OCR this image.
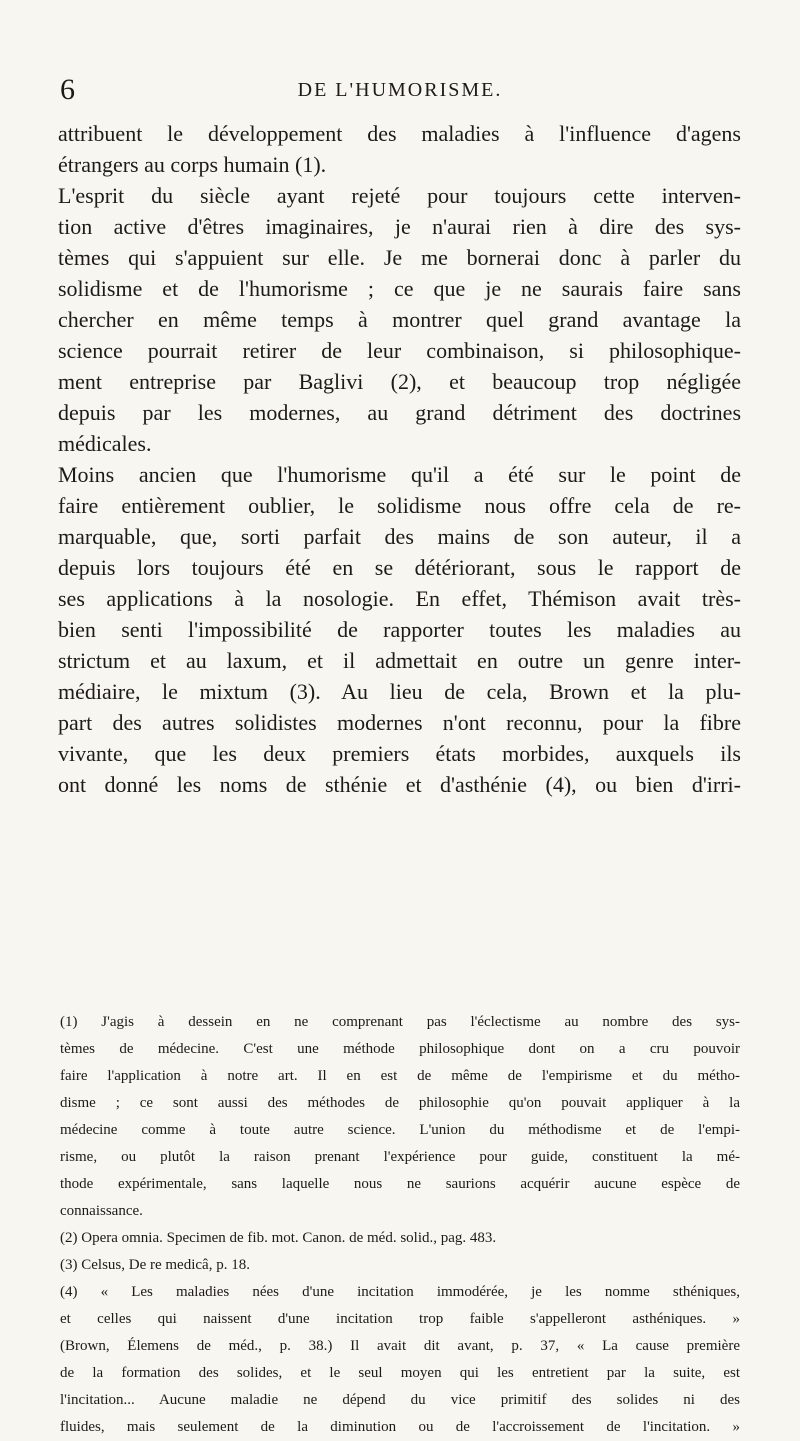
6	DE L'HUMORISME.
attribuent le développement des maladies à l'influence d'agens
étrangers au corps humain (1).
L'esprit du siècle ayant rejeté pour toujours cette interven-
tion active d'êtres imaginaires, je n'aurai rien à dire des sys-
tèmes qui s'appuient sur elle. Je me bornerai donc à parler du
solidisme et de l'humorisme ; ce que je ne saurais faire sans
chercher en même temps à montrer quel grand avantage la
science pourrait retirer de leur combinaison, si philosophique-
ment entreprise par Baglivi (2), et beaucoup trop négligée
depuis par les modernes, au grand détriment des doctrines
médicales.
Moins ancien que l'humorisme qu'il a été sur le point de
faire entièrement oublier, le solidisme nous offre cela de re-
marquable, que, sorti parfait des mains de son auteur, il a
depuis lors toujours été en se détériorant, sous le rapport de
ses applications à la nosologie. En effet, Thémison avait très-
bien senti l'impossibilité de rapporter toutes les maladies au
strictum et au laxum, et il admettait en outre un genre inter-
médiaire, le mixtum (3). Au lieu de cela, Brown et la plu-
part des autres solidistes modernes n'ont reconnu, pour la fibre
vivante, que les deux premiers états morbides, auxquels ils
ont donné les noms de sthénie et d'asthénie (4), ou bien d'irri-
(1) J'agis à dessein en ne comprenant pas l'éclectisme au nombre des sys-
tèmes de médecine. C'est une méthode philosophique dont on a cru pouvoir
faire l'application à notre art. Il en est de même de l'empirisme et du métho-
disme ; ce sont aussi des méthodes de philosophie qu'on pouvait appliquer à la
médecine comme à toute autre science. L'union du méthodisme et de l'empi-
risme, ou plutôt la raison prenant l'expérience pour guide, constituent la mé-
thode expérimentale, sans laquelle nous ne saurions acquérir aucune espèce de
connaissance.
(2) Opera omnia. Specimen de fib. mot. Canon. de méd. solid., pag. 483.
(3) Celsus, De re medicâ, p. 18.
(4) « Les maladies nées d'une incitation immodérée, je les nomme sthéniques,
et celles qui naissent d'une incitation trop faible s'appelleront asthéniques. »
(Brown, Élemens de méd., p. 38.) Il avait dit avant, p. 37, « La cause première
de la formation des solides, et le seul moyen qui les entretient par la suite, est
l'incitation... Aucune maladie ne dépend du vice primitif des solides ni des
fluides, mais seulement de la diminution ou de l'accroissement de l'incitation. »
